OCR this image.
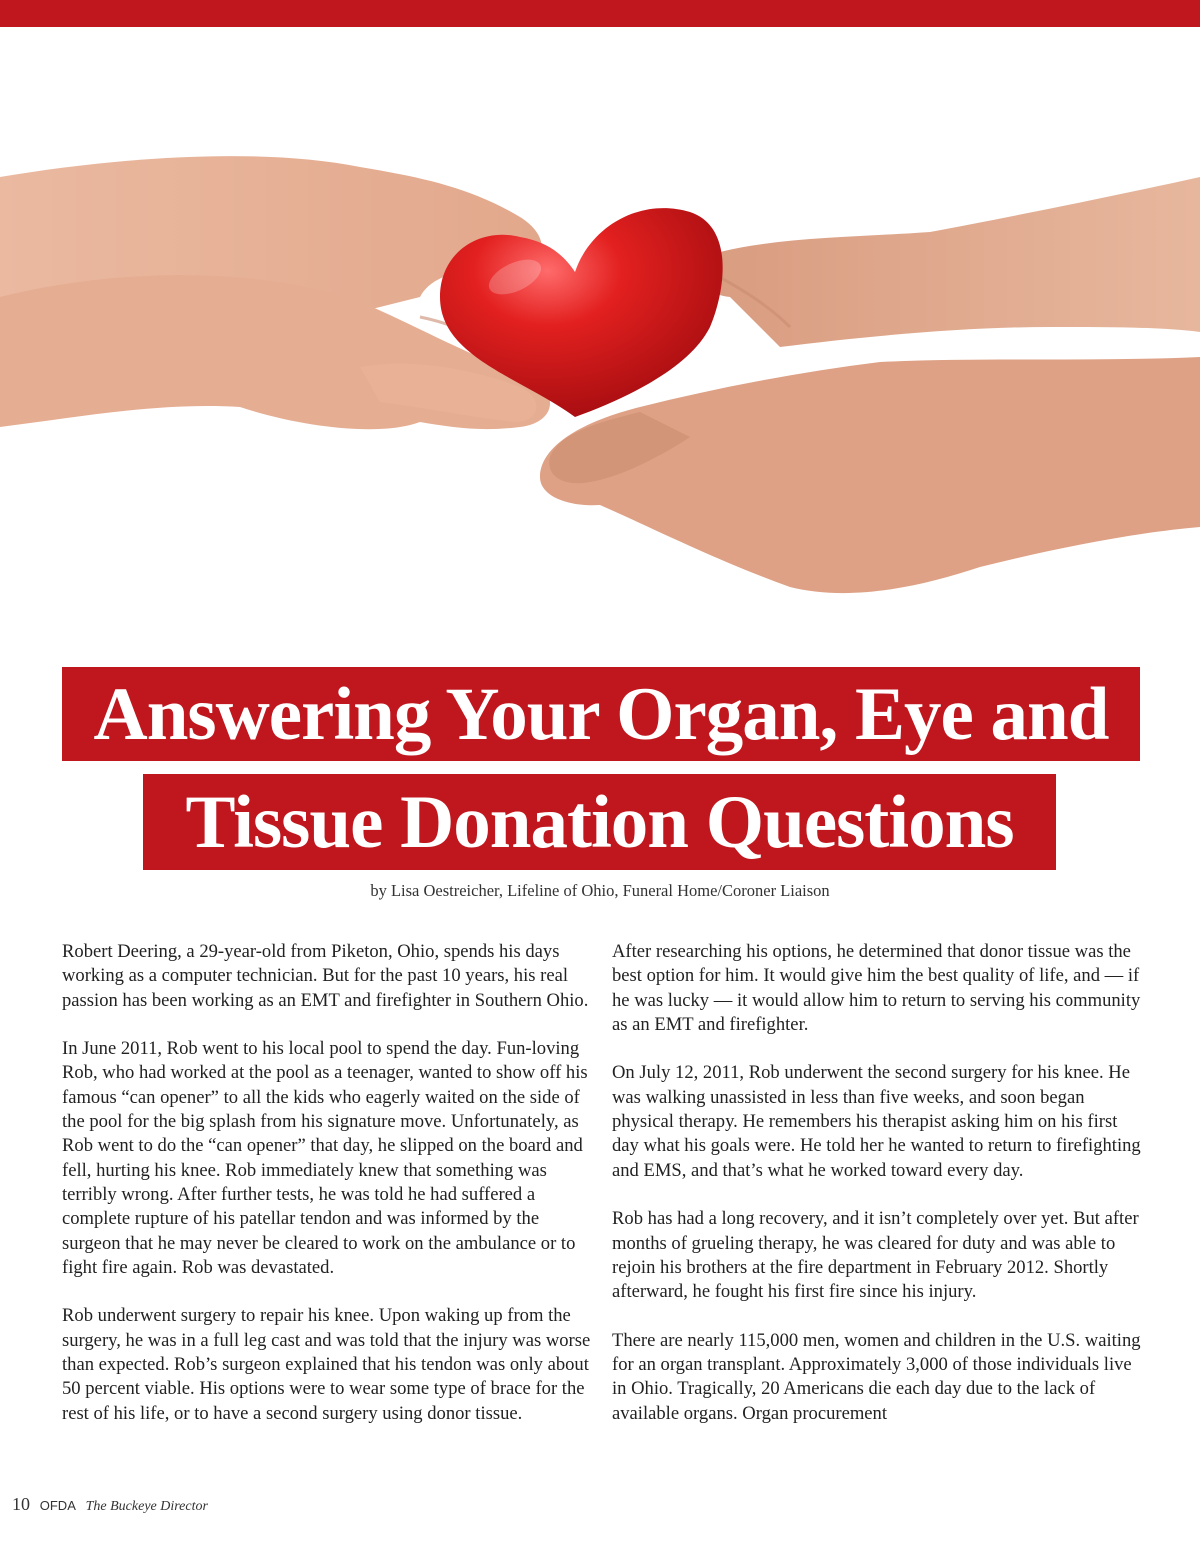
Answering Your Organ, Eye and
Tissue Donation Questions
by Lisa Oestreicher, Lifeline of Ohio, Funeral Home/Coroner Liaison

Robert Deering, a 29-year-old from Piketon, Ohio, spends his days working as a computer technician. But for the past 10 years, his real passion has been working as an EMT and firefighter in Southern Ohio.

In June 2011, Rob went to his local pool to spend the day. Fun-loving Rob, who had worked at the pool as a teenager, wanted to show off his famous “can opener” to all the kids who eagerly waited on the side of the pool for the big splash from his signature move. Unfortunately, as Rob went to do the “can opener” that day, he slipped on the board and fell, hurting his knee. Rob immediately knew that something was terribly wrong. After further tests, he was told he had suffered a complete rupture of his patellar tendon and was informed by the surgeon that he may never be cleared to work on the ambulance or to fight fire again. Rob was devastated.

Rob underwent surgery to repair his knee. Upon waking up from the surgery, he was in a full leg cast and was told that the injury was worse than expected. Rob’s surgeon explained that his tendon was only about 50 percent viable. His options were to wear some type of brace for the rest of his life, or to have a second surgery using donor tissue.

After researching his options, he determined that donor tissue was the best option for him. It would give him the best quality of life, and — if he was lucky — it would allow him to return to serving his community as an EMT and firefighter.

On July 12, 2011, Rob underwent the second surgery for his knee. He was walking unassisted in less than five weeks, and soon began physical therapy. He remembers his therapist asking him on his first day what his goals were. He told her he wanted to return to firefighting and EMS, and that’s what he worked toward every day.

Rob has had a long recovery, and it isn’t completely over yet. But after months of grueling therapy, he was cleared for duty and was able to rejoin his brothers at the fire department in February 2012. Shortly afterward, he fought his first fire since his injury.

There are nearly 115,000 men, women and children in the U.S. waiting for an organ transplant. Approximately 3,000 of those individuals live in Ohio. Tragically, 20 Americans die each day due to the lack of available organs. Organ procurement

10 OFDA The Buckeye Director
